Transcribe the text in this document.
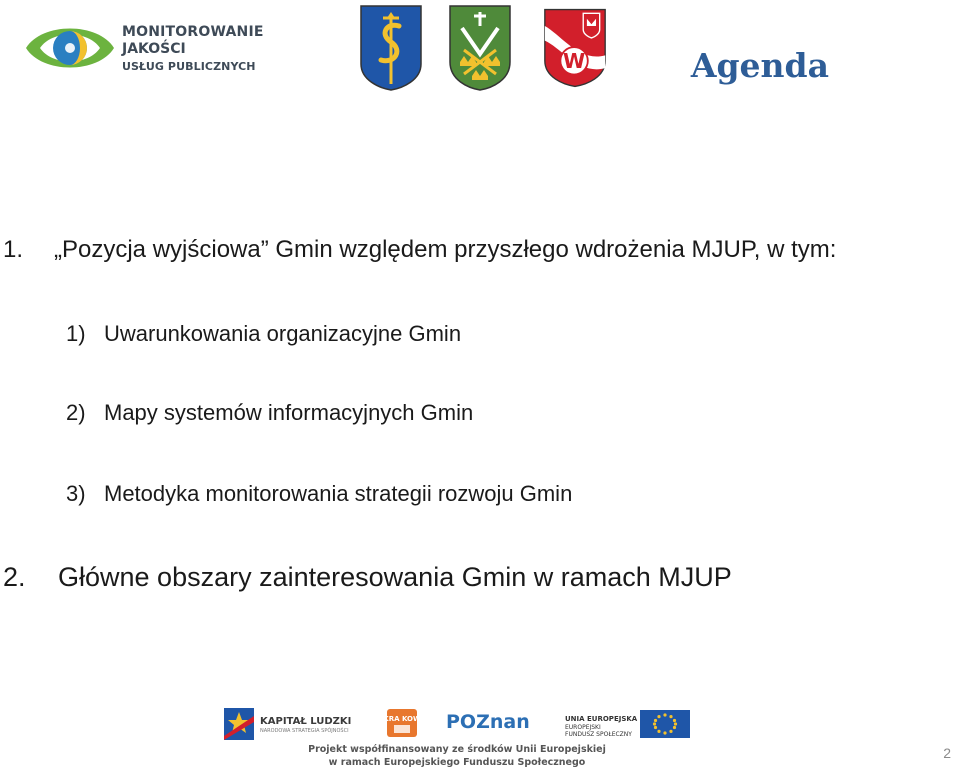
MONITOROWANIE
JAKOŚCI
USŁUG PUBLICZNYCH	W	Agenda
1. „Pozycja wyjściowa” Gmin względem przyszłego wdrożenia MJUP, w tym:
1) Uwarunkowania organizacyjne Gmin
2) Mapy systemów informacyjnych Gmin
3) Metodyka monitorowania strategii rozwoju Gmin
2. Główne obszary zainteresowania Gmin w ramach MJUP
KAPITAŁ LUDZKI
NARODOWA STRATEGIA SPÓJNOŚCI
KRA KOW POZnan	UNIA EUROPEJSKA
EUROPEJSKI
FUNDUSZ SPOŁECZNY
Projekt współfinansowany ze środków Unii Europejskiej
w ramach Europejskiego Funduszu Społecznego
2
